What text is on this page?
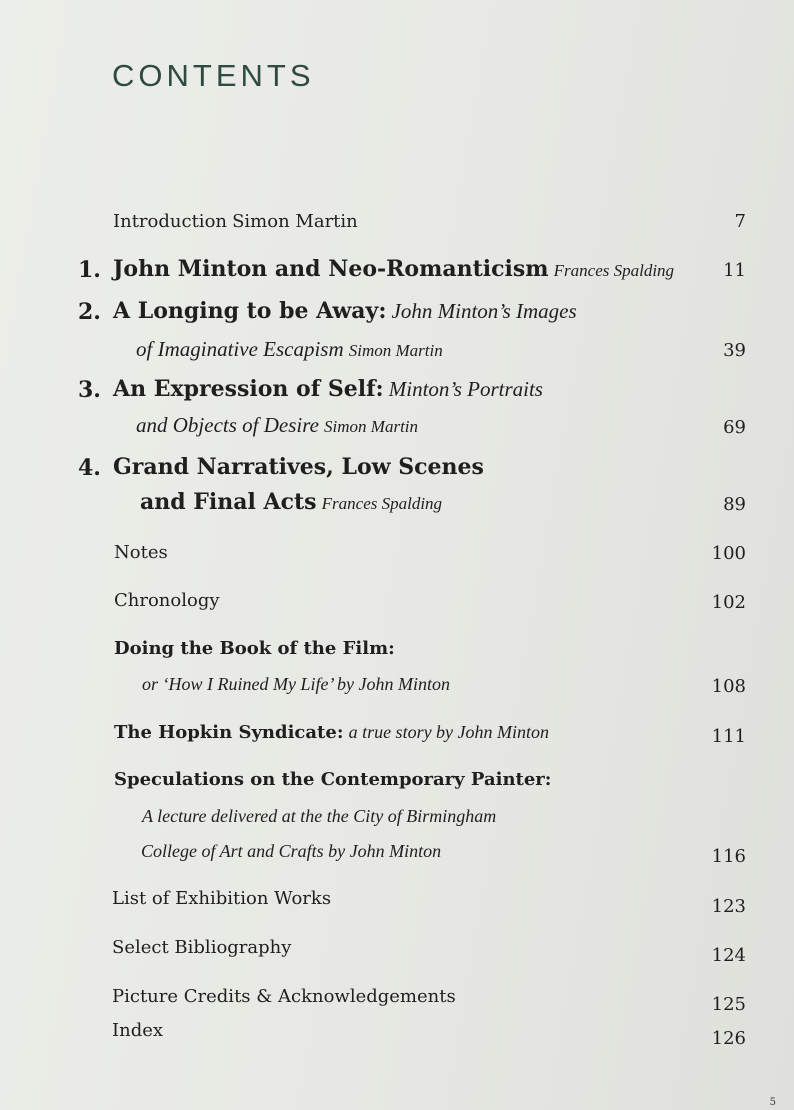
CONTENTS
Introduction Simon Martin	7
1. John Minton and Neo-Romanticism Frances Spalding	11
2. A Longing to be Away: John Minton’s Images
of Imaginative Escapism Simon Martin	39
3. An Expression of Self: Minton’s Portraits
and Objects of Desire Simon Martin	69
4. Grand Narratives, Low Scenes
and Final Acts Frances Spalding	89
Notes	100
Chronology	102
Doing the Book of the Film:
or ‘How I Ruined My Life’ by John Minton	108
The Hopkin Syndicate: a true story by John Minton	111
Speculations on the Contemporary Painter:
A lecture delivered at the the City of Birmingham
College of Art and Crafts by John Minton	116
List of Exhibition Works	123
Select Bibliography	124
Picture Credits & Acknowledgements	125
Index	126
5
